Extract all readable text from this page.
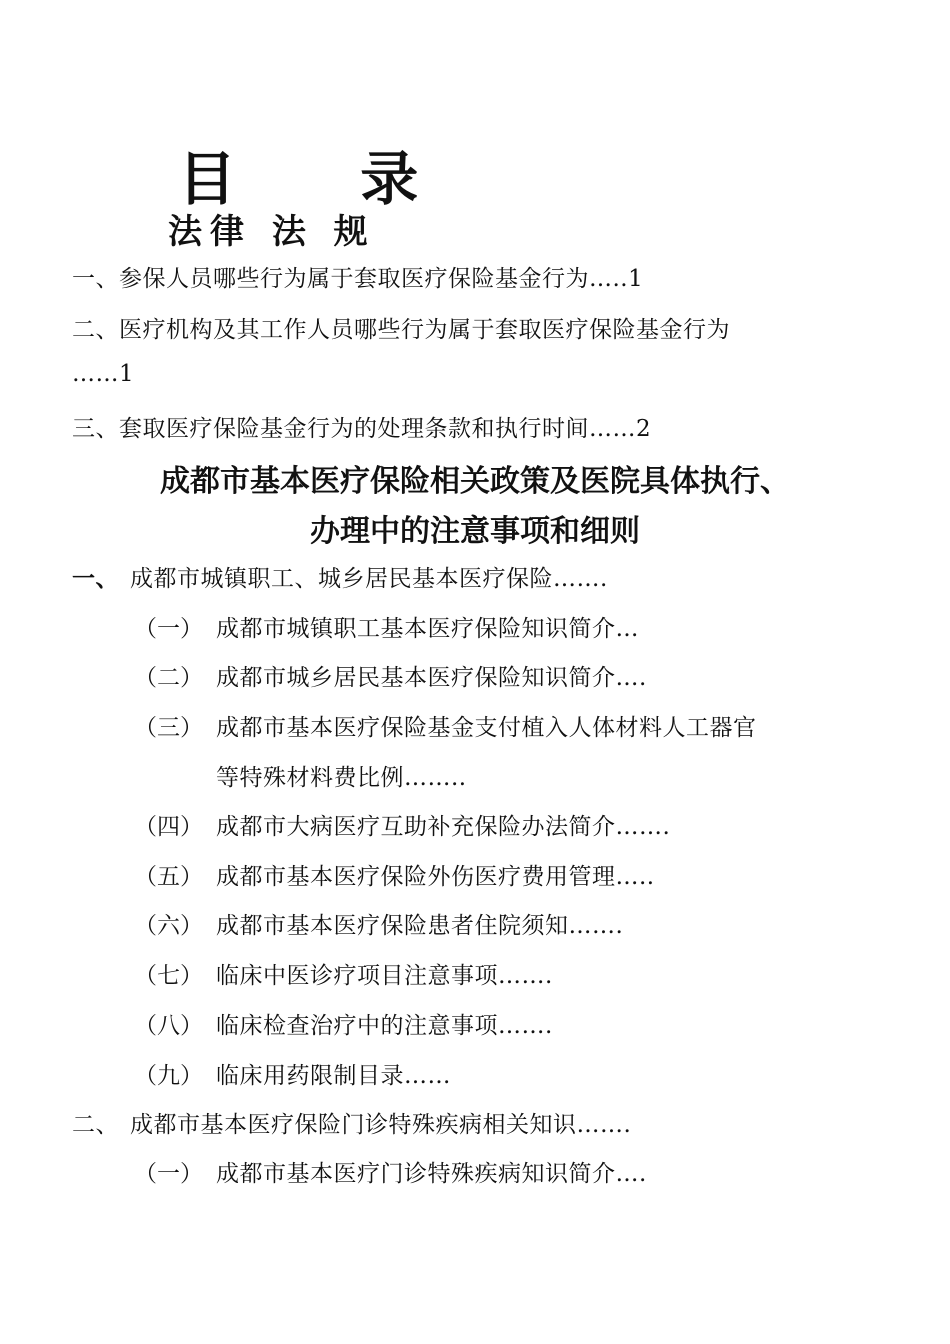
目 录
法律 法 规
一、参保人员哪些行为属于套取医疗保险基金行为…..1
二、医疗机构及其工作人员哪些行为属于套取医疗保险基金行为
……1
三、套取医疗保险基金行为的处理条款和执行时间……2
成都市基本医疗保险相关政策及医院具体执行、
办理中的注意事项和细则
一、 成都市城镇职工、城乡居民基本医疗保险…….
（一） 成都市城镇职工基本医疗保险知识简介…
（二） 成都市城乡居民基本医疗保险知识简介….
（三） 成都市基本医疗保险基金支付植入人体材料人工器官
等特殊材料费比例……..
（四） 成都市大病医疗互助补充保险办法简介…….
（五） 成都市基本医疗保险外伤医疗费用管理…..
（六） 成都市基本医疗保险患者住院须知…….
（七） 临床中医诊疗项目注意事项…….
（八） 临床检查治疗中的注意事项…….
（九） 临床用药限制目录……
二、 成都市基本医疗保险门诊特殊疾病相关知识…….
（一） 成都市基本医疗门诊特殊疾病知识简介….
